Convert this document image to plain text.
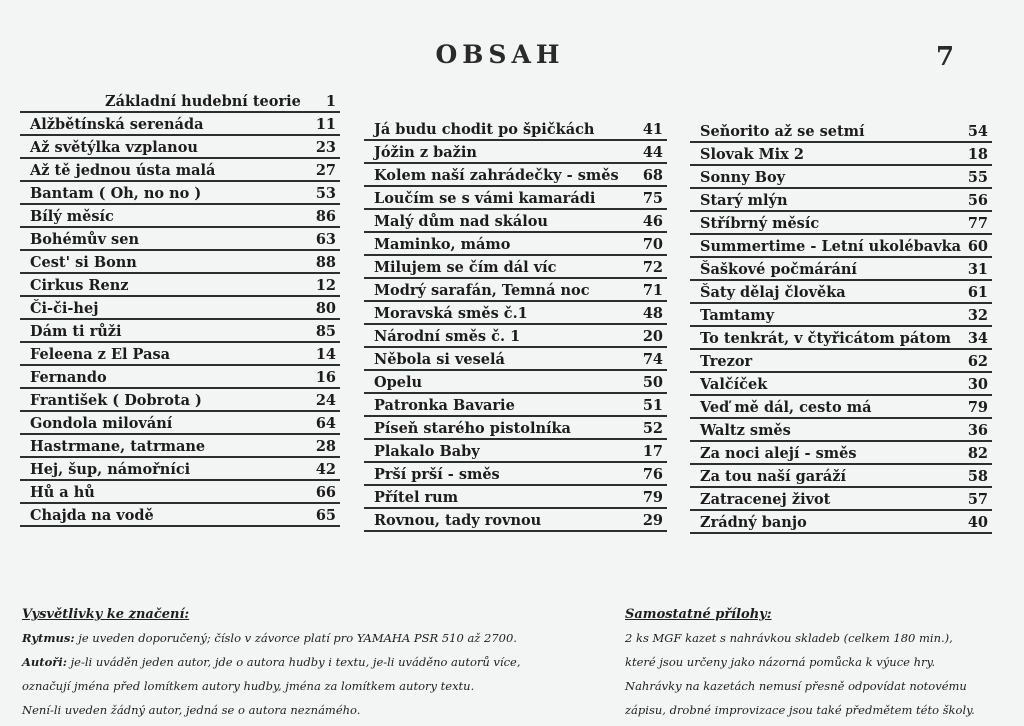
OBSAH	7
Základní hudební teorie 1
Alžbětínská serenáda	11
Až světýlka vzplanou	23
Až tě jednou ústa malá	27
Bantam ( Oh, no no )	53
Bílý měsíc	86
Bohémův sen	63
Cest' si Bonn	88
Cirkus Renz	12
Či-či-hej	80
Dám ti růži	85
Feleena z El Pasa	14
Fernando	16
František ( Dobrota )	24
Gondola milování	64
Hastrmane, tatrmane	28
Hej, šup, námořníci	42
Hů a hů	66
Chajda na vodě	65
Já budu chodit po špičkách	41
Jóžin z bažin	44
Kolem naší zahrádečky - směs 68
Loučím se s vámi kamarádi	75
Malý dům nad skálou	46
Maminko, mámo	70
Milujem se čím dál víc	72
Modrý sarafán, Temná noc	71
Moravská směs č.1	48
Národní směs č. 1	20
Něbola si veselá	74
Opelu	50
Patronka Bavarie	51
Píseň starého pistolníka	52
Plakalo Baby	17
Prší prší - směs	76
Přítel rum	79
Rovnou, tady rovnou	29
Seňorito až se setmí	54
Slovak Mix 2	18
Sonny Boy	55
Starý mlýn	56
Stříbrný měsíc	77
Summertime - Letní ukolébavka 60
Šaškové počmárání	31
Šaty dělaj člověka	61
Tamtamy	32
To tenkrát, v čtyřicátom pátom 34
Trezor	62
Valčíček	30
Veď mě dál, cesto má	79
Waltz směs	36
Za noci alejí - směs	82
Za tou naší garáží	58
Zatracenej život	57
Zrádný banjo	40
Vysvětlivky ke značení:
Rytmus: je uveden doporučený; číslo v závorce platí pro YAMAHA PSR 510 až 2700.
Autoři: je-li uváděn jeden autor, jde o autora hudby i textu, je-li uváděno autorů více,
označují jména před lomítkem autory hudby, jména za lomítkem autory textu.
Není-li uveden žádný autor, jedná se o autora neznámého.
Samostatné přílohy:
2 ks MGF kazet s nahrávkou skladeb (celkem 180 min.),
které jsou určeny jako názorná pomůcka k výuce hry.
Nahrávky na kazetách nemusí přesně odpovídat notovému
zápisu, drobné improvizace jsou také předmětem této školy.
